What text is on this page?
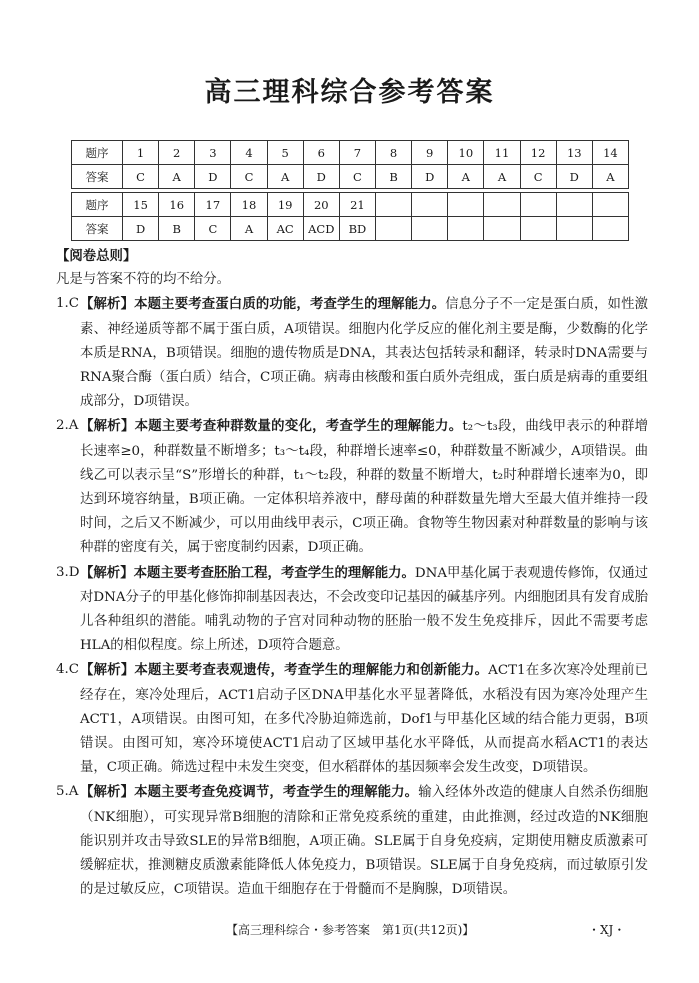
高三理科综合参考答案
题序	1	2	3	4	5	6	7	8	9	10	11	12	13	14
答案	C	A	D	C	A	D	C	B	D	A	A	C	D	A
题序	15	16	17	18	19	20	21							
答案	D	B	C	A	AC	ACD	BD							

【阅卷总则】

凡是与答案不符的均不给分。

1.C 【解析】本题主要考查蛋白质的功能，考查学生的理解能力。信息分子不一定是蛋白质，如性激素、神经递质等都不属于蛋白质，A项错误。细胞内化学反应的催化剂主要是酶，少数酶的化学本质是RNA，B项错误。细胞的遗传物质是DNA，其表达包括转录和翻译，转录时DNA需要与RNA聚合酶（蛋白质）结合，C项正确。病毒由核酸和蛋白质外壳组成，蛋白质是病毒的重要组成部分，D项错误。

2.A 【解析】本题主要考查种群数量的变化，考查学生的理解能力。t₂～t₃段，曲线甲表示的种群增长速率≥0，种群数量不断增多；t₃～t₄段，种群增长速率≤0，种群数量不断减少，A项错误。曲线乙可以表示呈“S”形增长的种群，t₁～t₂段，种群的数量不断增大，t₂时种群增长速率为0，即达到环境容纳量，B项正确。一定体积培养液中，酵母菌的种群数量先增大至最大值并维持一段时间，之后又不断减少，可以用曲线甲表示，C项正确。食物等生物因素对种群数量的影响与该种群的密度有关，属于密度制约因素，D项正确。

3.D 【解析】本题主要考查胚胎工程，考查学生的理解能力。DNA甲基化属于表观遗传修饰，仅通过对DNA分子的甲基化修饰抑制基因表达，不会改变印记基因的碱基序列。内细胞团具有发育成胎儿各种组织的潜能。哺乳动物的子宫对同种动物的胚胎一般不发生免疫排斥，因此不需要考虑HLA的相似程度。综上所述，D项符合题意。

4.C 【解析】本题主要考查表观遗传，考查学生的理解能力和创新能力。ACT1在多次寒冷处理前已经存在，寒冷处理后，ACT1启动子区DNA甲基化水平显著降低，水稻没有因为寒冷处理产生ACT1，A项错误。由图可知，在多代冷胁迫筛选前，Dof1与甲基化区域的结合能力更弱，B项错误。由图可知，寒冷环境使ACT1启动了区域甲基化水平降低，从而提高水稻ACT1的表达量，C项正确。筛选过程中未发生突变，但水稻群体的基因频率会发生改变，D项错误。

5.A 【解析】本题主要考查免疫调节，考查学生的理解能力。输入经体外改造的健康人自然杀伤细胞（NK细胞），可实现异常B细胞的清除和正常免疫系统的重建，由此推测，经过改造的NK细胞能识别并攻击导致SLE的异常B细胞，A项正确。SLE属于自身免疫病，定期使用糖皮质激素可缓解症状，推测糖皮质激素能降低人体免疫力，B项错误。SLE属于自身免疫病，而过敏原引发的是过敏反应，C项错误。造血干细胞存在于骨髓而不是胸腺，D项错误。

【高三理科综合・参考答案　第1页(共12页)】	・XJ・
